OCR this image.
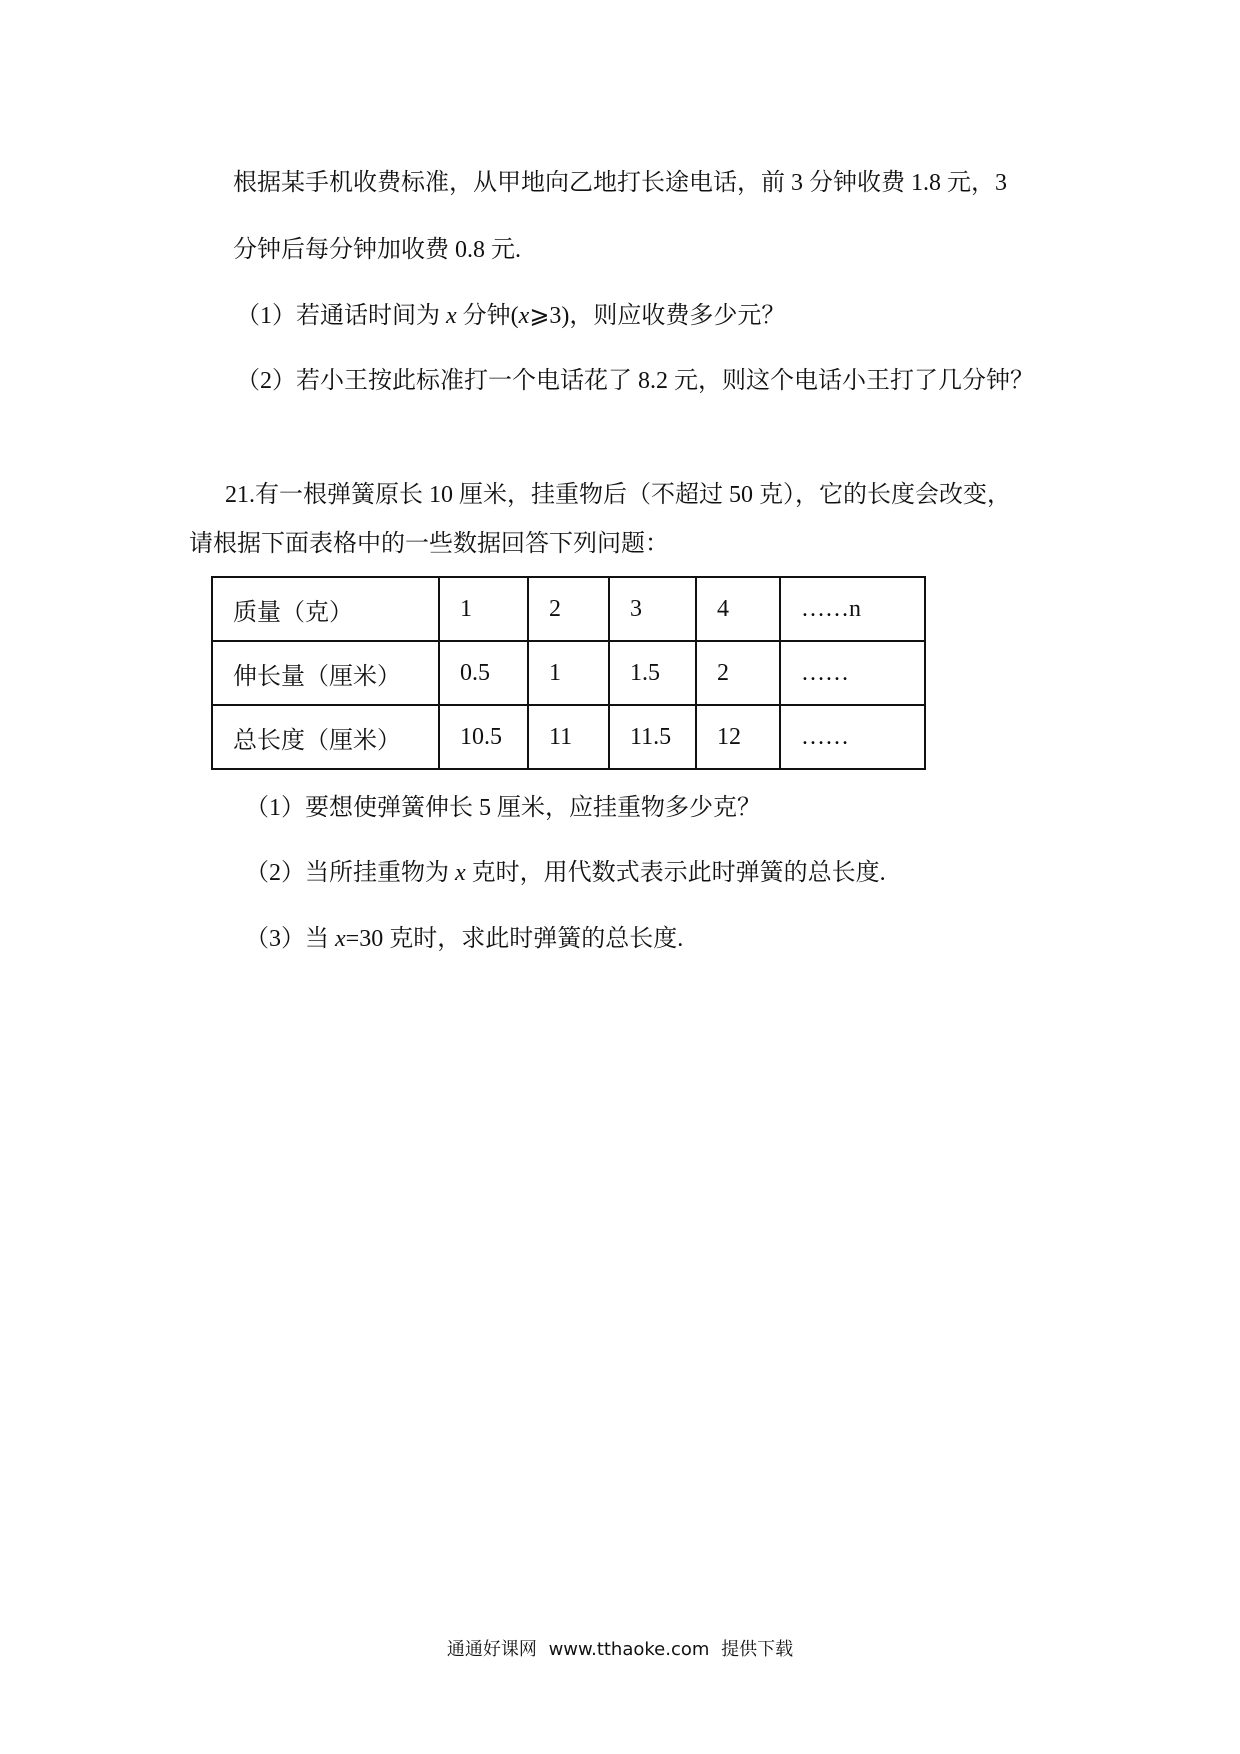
根据某手机收费标准，从甲地向乙地打长途电话，前 3 分钟收费 1.8 元，3
分钟后每分钟加收费 0.8 元.
（1）若通话时间为 x 分钟(x⩾3)，则应收费多少元？
（2）若小王按此标准打一个电话花了 8.2 元，则这个电话小王打了几分钟？
21.有一根弹簧原长 10 厘米，挂重物后（不超过 50 克），它的长度会改变，
请根据下面表格中的一些数据回答下列问题：
质量（克）	1	2	3	4	……n
伸长量（厘米）	0.5	1	1.5	2	……
总长度（厘米）	10.5	11	11.5	12	……
（1）要想使弹簧伸长 5 厘米，应挂重物多少克？
（2）当所挂重物为 x 克时，用代数式表示此时弹簧的总长度.
（3）当 x=30 克时，求此时弹簧的总长度.
通通好课网 www.tthaoke.com 提供下载
